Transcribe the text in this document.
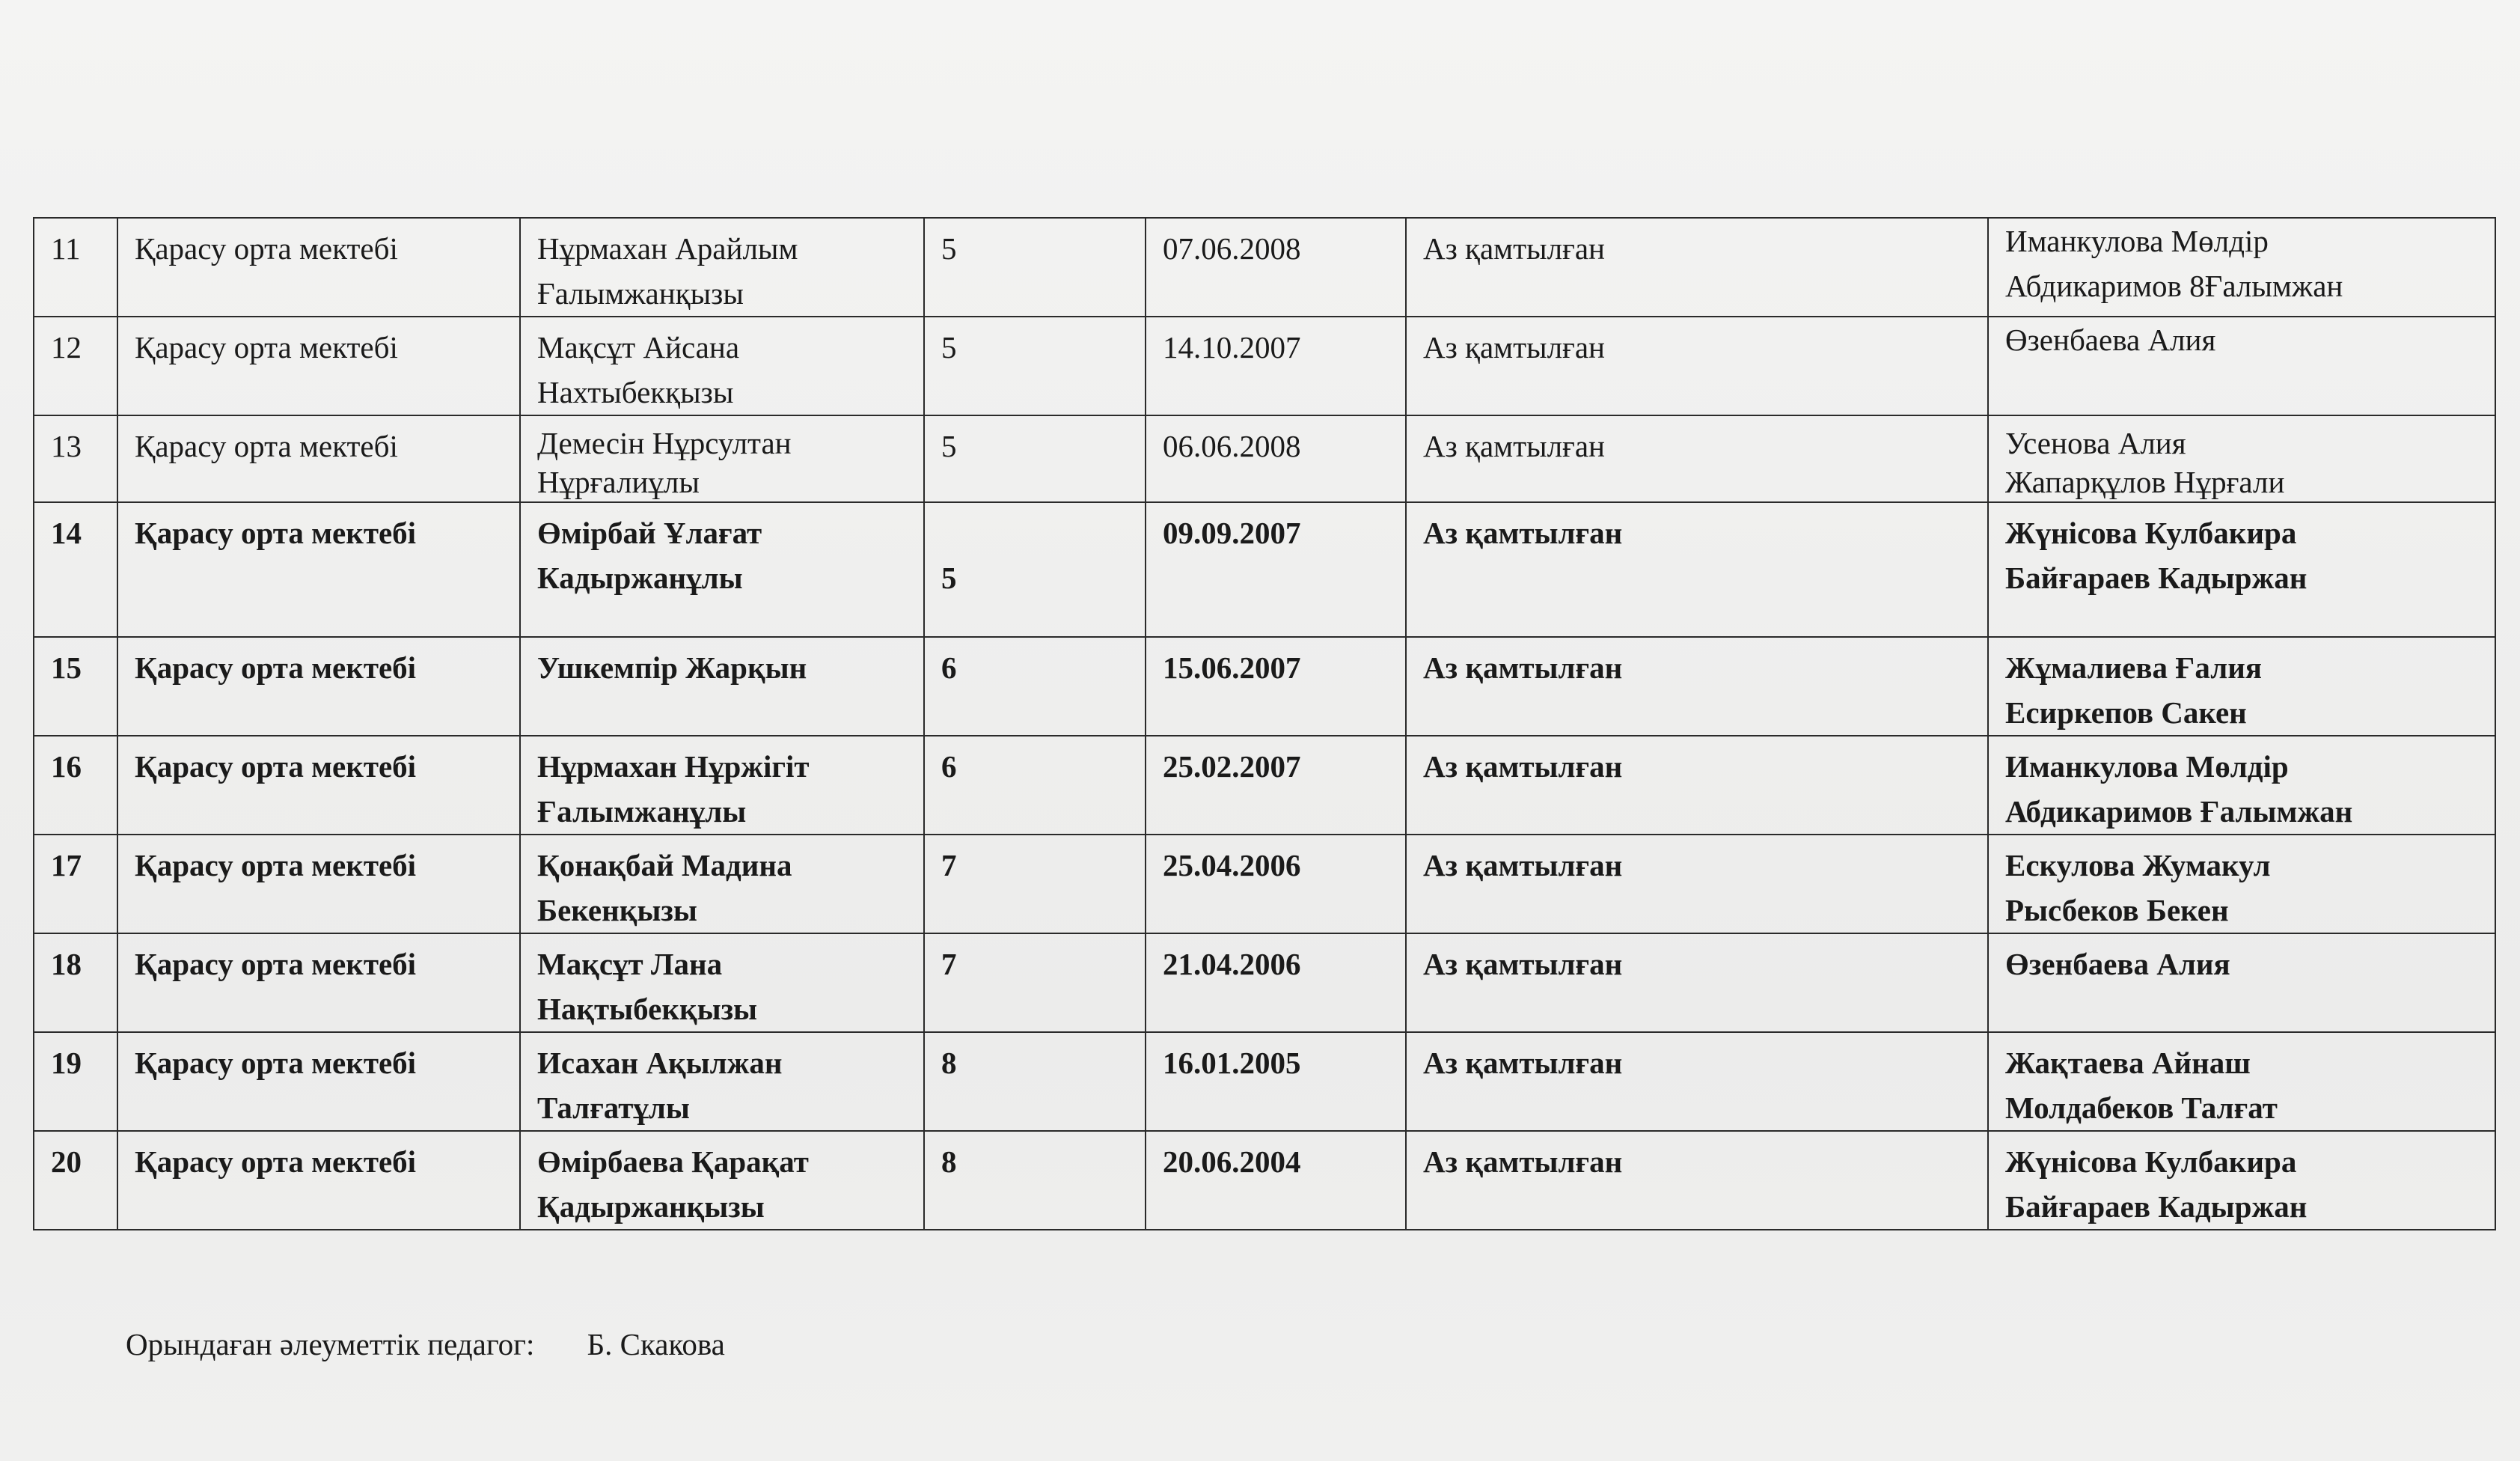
11	Қарасу орта мектебі	Нұрмахан Арайлым
Ғалымжанқызы	5	07.06.2008	Аз қамтылған	Иманкулова Мөлдір
Абдикаримов 8Ғалымжан

12	Қарасу орта мектебі	Мақсұт Айсана
Нахтыбекқызы	5	14.10.2007	Аз қамтылған	Өзенбаева Алия

13	Қарасу орта мектебі	Демесін Нұрсултан
Нұрғалиұлы	5	06.06.2008	Аз қамтылған	Усенова Алия
Жапарқұлов Нұрғали

14	Қарасу орта мектебі	Өмірбай Ұлағат
Кадыржанұлы	5	09.09.2007	Аз қамтылған	Жүнісова Кулбакира
Байғараев Кадыржан

15	Қарасу орта мектебі	Ушкемпір Жарқын	6	15.06.2007	Аз қамтылған	Жұмалиева Ғалия
Есиркепов Сакен

16	Қарасу орта мектебі	Нұрмахан Нұржігіт
Ғалымжанұлы	6	25.02.2007	Аз қамтылған	Иманкулова Мөлдір
Абдикаримов Ғалымжан

17	Қарасу орта мектебі	Қонақбай Мадина
Бекенқызы	7	25.04.2006	Аз қамтылған	Ескулова Жумакул
Рысбеков Бекен

18	Қарасу орта мектебі	Мақсұт Лана
Нақтыбекқызы	7	21.04.2006	Аз қамтылған	Өзенбаева Алия

19	Қарасу орта мектебі	Исахан Ақылжан
Талғатұлы	8	16.01.2005	Аз қамтылған	Жақтаева Айнаш
Молдабеков Талғат

20	Қарасу орта мектебі	Өмірбаева Қарақат
Қадыржанқызы	8	20.06.2004	Аз қамтылған	Жүнісова Кулбакира
Байғараев Кадыржан
Орындаған әлеуметтік педагог: Б. Скакова
